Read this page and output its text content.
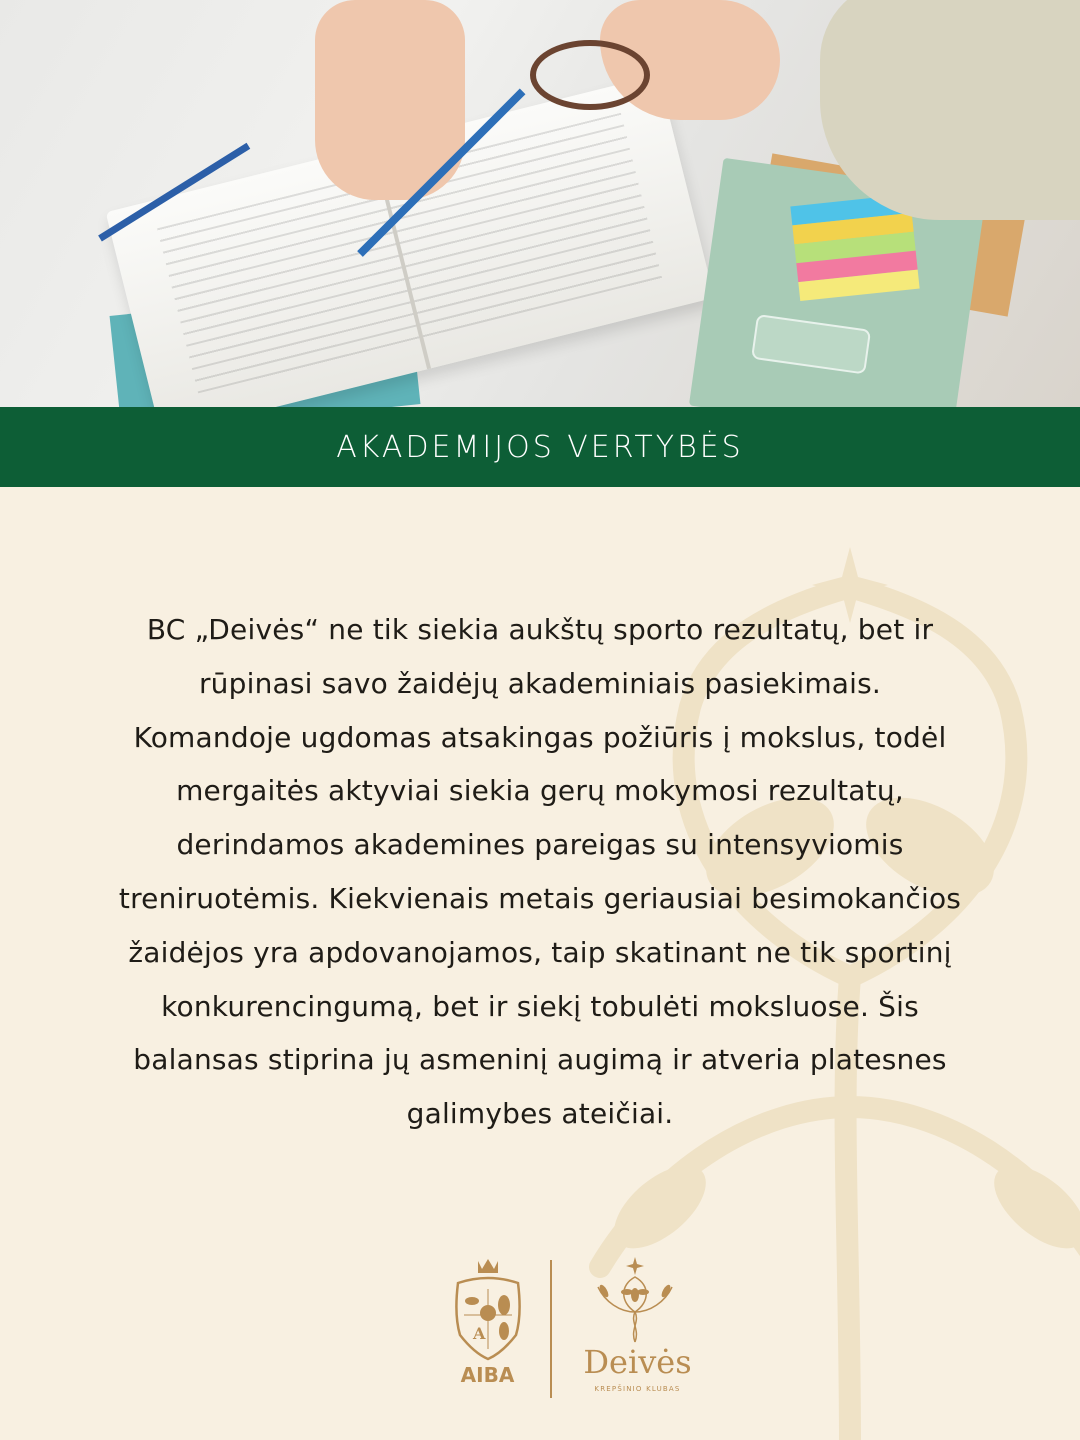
AKADEMIJOS VERTYBĖS
BC „Deivės“ ne tik siekia aukštų sporto rezultatų, bet ir
rūpinasi savo žaidėjų akademiniais pasiekimais.
Komandoje ugdomas atsakingas požiūris į mokslus, todėl
mergaitės aktyviai siekia gerų mokymosi rezultatų,
derindamos akademines pareigas su intensyviomis
treniruotėmis. Kiekvienais metais geriausiai besimokančios
žaidėjos yra apdovanojamos, taip skatinant ne tik sportinį
konkurencingumą, bet ir siekį tobulėti moksluose. Šis
balansas stiprina jų asmeninį augimą ir atveria platesnes
galimybes ateičiai.
A
AIBA	Deivės
KREPŠINIO KLUBAS
